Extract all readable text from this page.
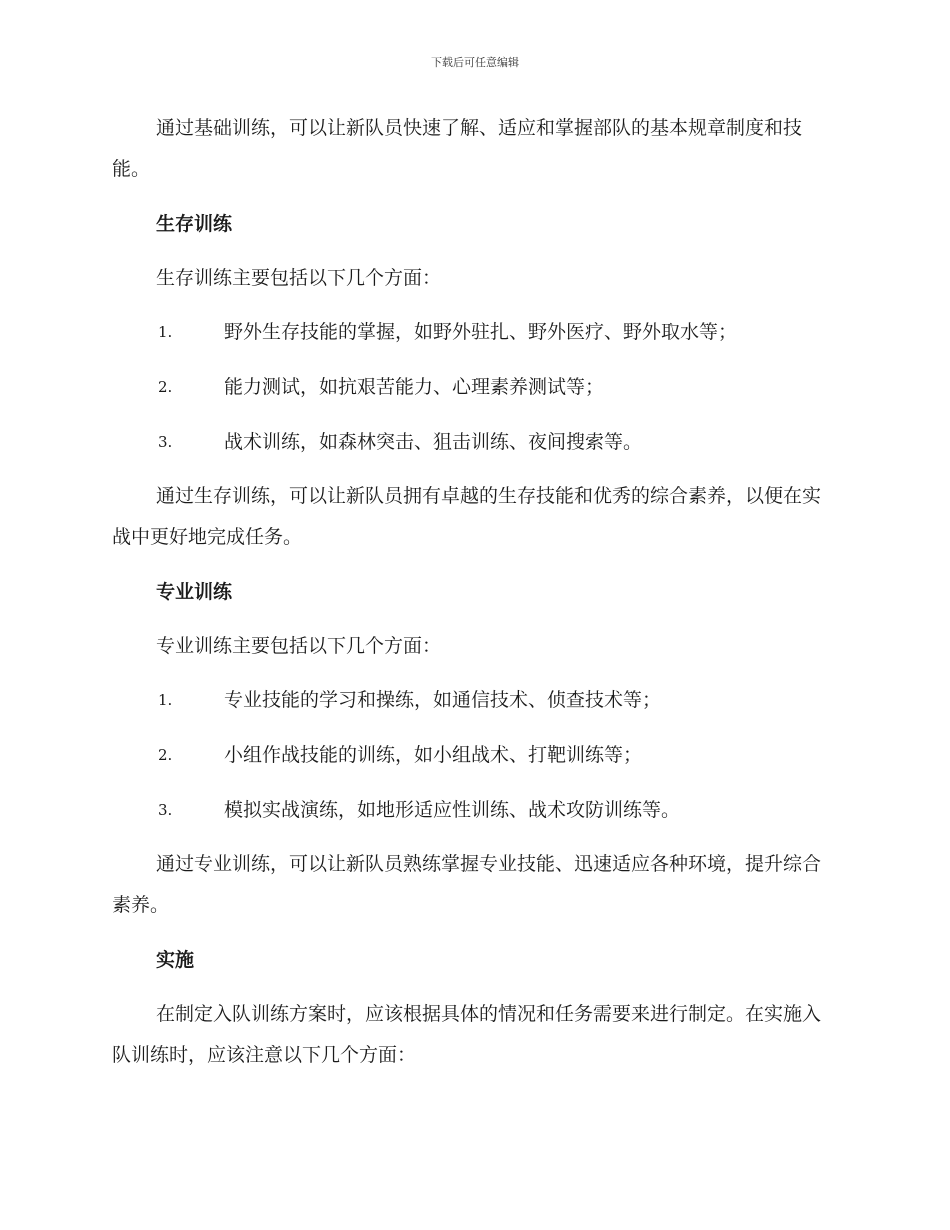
下载后可任意编辑

通过基础训练，可以让新队员快速了解、适应和掌握部队的基本规章制度和技能。

生存训练
生存训练主要包括以下几个方面：
1.	野外生存技能的掌握，如野外驻扎、野外医疗、野外取水等；
2.	能力测试，如抗艰苦能力、心理素养测试等；
3.	战术训练，如森林突击、狙击训练、夜间搜索等。

通过生存训练，可以让新队员拥有卓越的生存技能和优秀的综合素养，以便在实战中更好地完成任务。

专业训练
专业训练主要包括以下几个方面：
1.	专业技能的学习和操练，如通信技术、侦查技术等；
2.	小组作战技能的训练，如小组战术、打靶训练等；
3.	模拟实战演练，如地形适应性训练、战术攻防训练等。

通过专业训练，可以让新队员熟练掌握专业技能、迅速适应各种环境，提升综合素养。

实施

在制定入队训练方案时，应该根据具体的情况和任务需要来进行制定。在实施入队训练时，应该注意以下几个方面：
